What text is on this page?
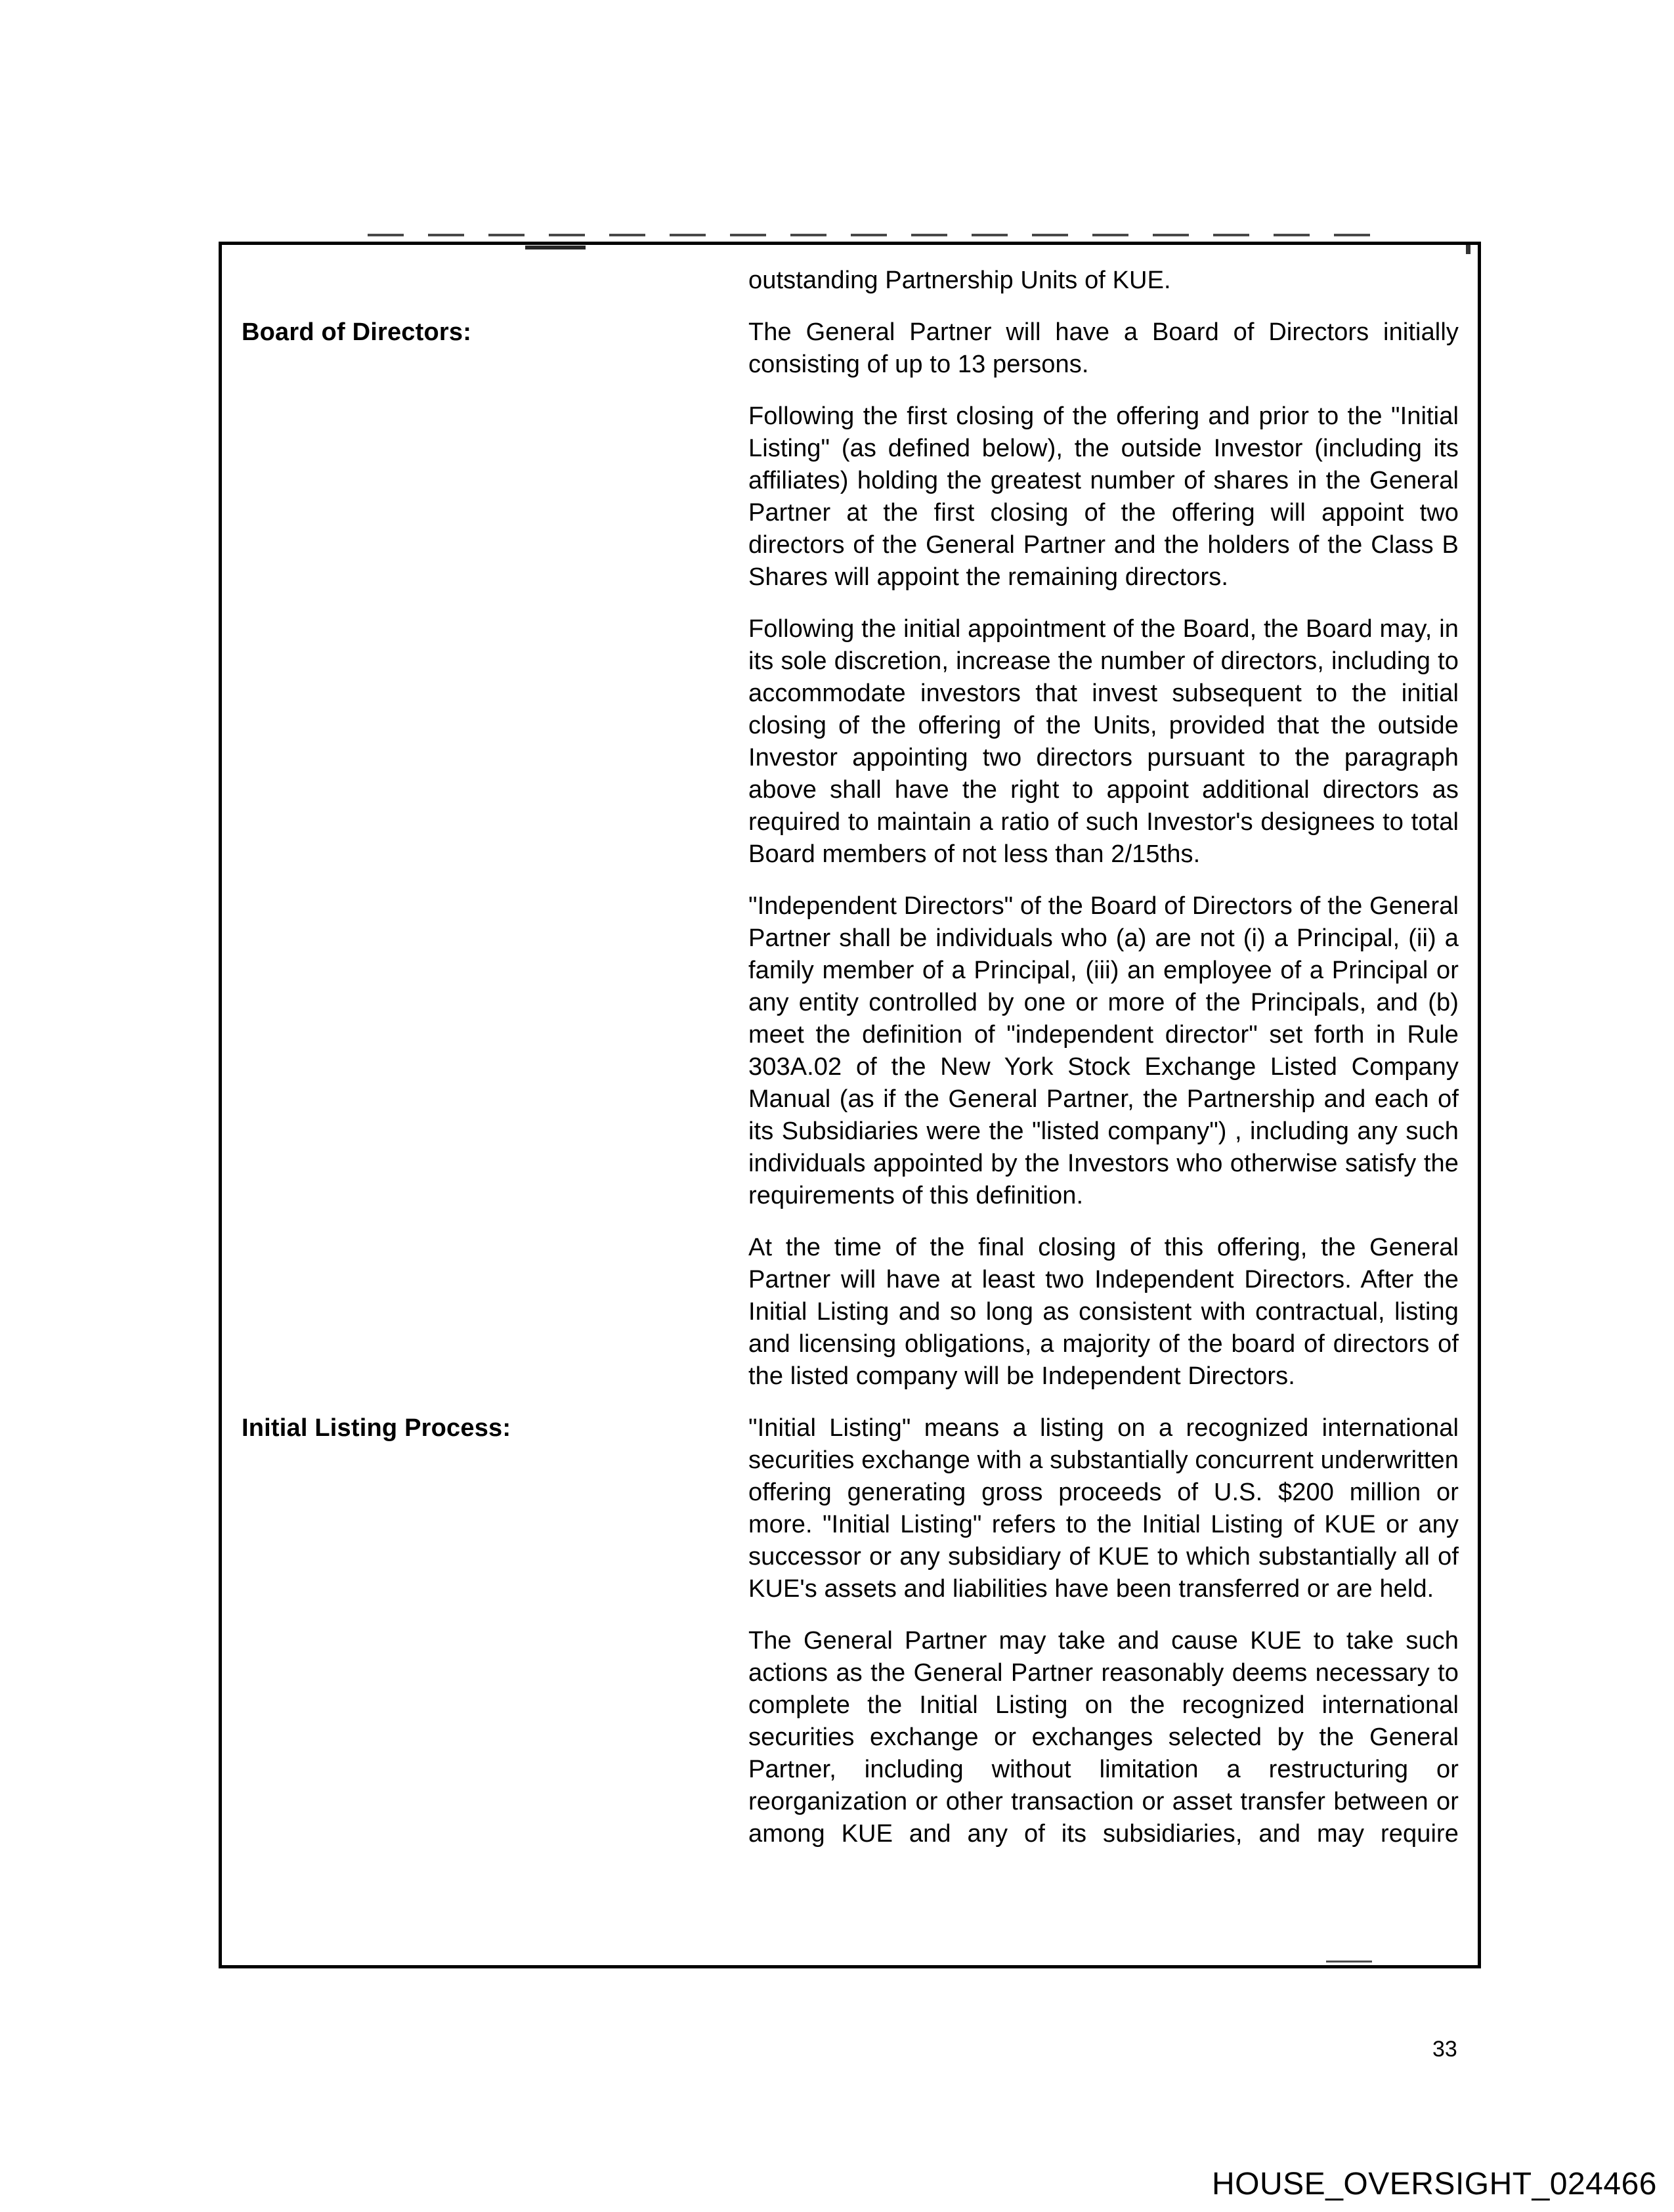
outstanding Partnership Units of KUE.

Board of Directors:	The General Partner will have a Board of Directors initially consisting of up to 13 persons.

Following the first closing of the offering and prior to the "Initial Listing" (as defined below), the outside Investor (including its affiliates) holding the greatest number of shares in the General Partner at the first closing of the offering will appoint two directors of the General Partner and the holders of the Class B Shares will appoint the remaining directors.

Following the initial appointment of the Board, the Board may, in its sole discretion, increase the number of directors, including to accommodate investors that invest subsequent to the initial closing of the offering of the Units, provided that the outside Investor appointing two directors pursuant to the paragraph above shall have the right to appoint additional directors as required to maintain a ratio of such Investor's designees to total Board members of not less than 2/15ths.

"Independent Directors" of the Board of Directors of the General Partner shall be individuals who (a) are not (i) a Principal, (ii) a family member of a Principal, (iii) an employee of a Principal or any entity controlled by one or more of the Principals, and (b) meet the definition of "independent director" set forth in Rule 303A.02 of the New York Stock Exchange Listed Company Manual (as if the General Partner, the Partnership and each of its Subsidiaries were the "listed company") , including any such individuals appointed by the Investors who otherwise satisfy the requirements of this definition.

At the time of the final closing of this offering, the General Partner will have at least two Independent Directors. After the Initial Listing and so long as consistent with contractual, listing and licensing obligations, a majority of the board of directors of the listed company will be Independent Directors.

Initial Listing Process:	"Initial Listing" means a listing on a recognized international securities exchange with a substantially concurrent underwritten offering generating gross proceeds of U.S. $200 million or more. "Initial Listing" refers to the Initial Listing of KUE or any successor or any subsidiary of KUE to which substantially all of KUE's assets and liabilities have been transferred or are held.

The General Partner may take and cause KUE to take such actions as the General Partner reasonably deems necessary to complete the Initial Listing on the recognized international securities exchange or exchanges selected by the General Partner, including without limitation a restructuring or reorganization or other transaction or asset transfer between or among KUE and any of its subsidiaries, and may require

33
HOUSE_OVERSIGHT_024466
